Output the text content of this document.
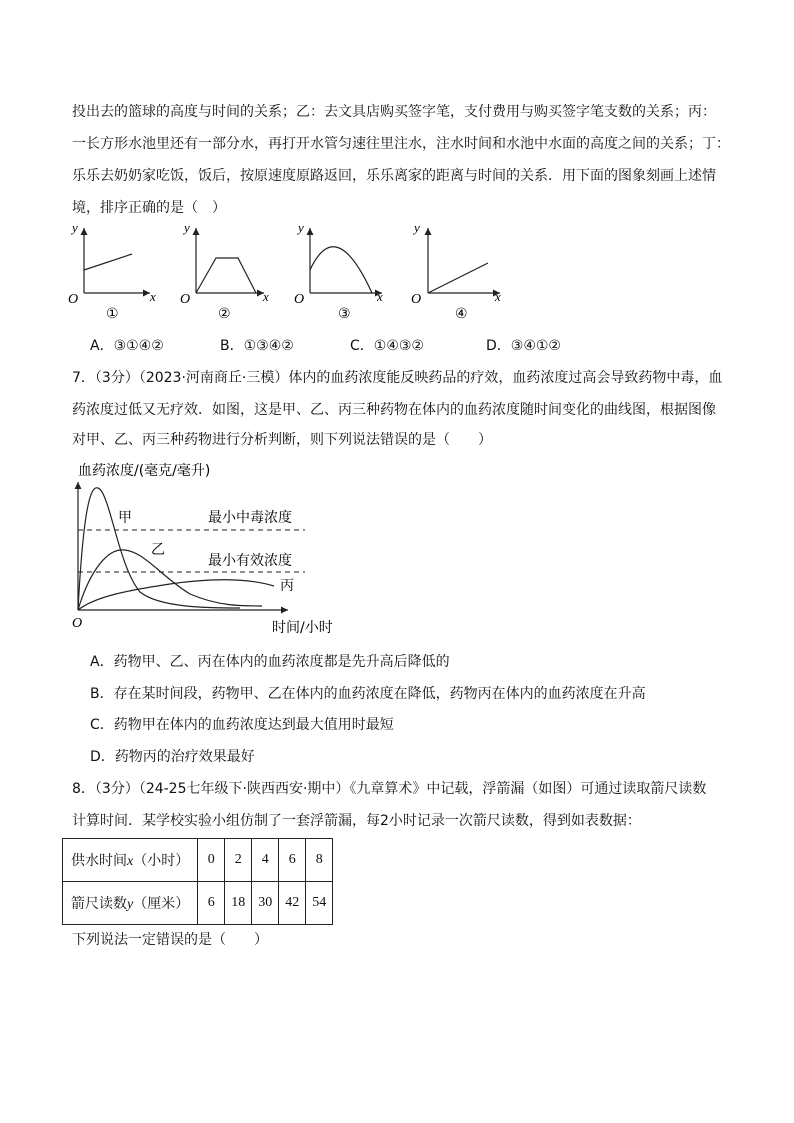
投出去的篮球的高度与时间的关系；乙：去文具店购买签字笔，支付费用与购买签字笔支数的关系；丙：
一长方形水池里还有一部分水，再打开水管匀速往里注水，注水时间和水池中水面的高度之间的关系；丁：
乐乐去奶奶家吃饭，饭后，按原速度原路返回，乐乐离家的距离与时间的关系．用下面的图象刻画上述情
境，排序正确的是（　）
y
O	x
①
y
O	x
②
y
O	x
③
y
O	x
④
A．③①④②	B．①③④②	C．①④③②	D．③④①②
7．（3分）（2023·河南商丘·三模）体内的血药浓度能反映药品的疗效，血药浓度过高会导致药物中毒，血
药浓度过低又无疗效．如图，这是甲、乙、丙三种药物在体内的血药浓度随时间变化的曲线图，根据图像
对甲、乙、丙三种药物进行分析判断，则下列说法错误的是（　　）
血药浓度/(毫克/毫升)
O	时间/小时
最小中毒浓度
最小有效浓度
甲
乙
丙
A．药物甲、乙、丙在体内的血药浓度都是先升高后降低的
B．存在某时间段，药物甲、乙在体内的血药浓度在降低，药物丙在体内的血药浓度在升高
C．药物甲在体内的血药浓度达到最大值用时最短
D．药物丙的治疗效果最好
8．（3分）（24-25七年级下·陕西西安·期中）《九章算术》中记载，浮箭漏（如图）可通过读取箭尺读数
计算时间．某学校实验小组仿制了一套浮箭漏，每2小时记录一次箭尺读数，得到如表数据：
供水时间x（小时）	0	2	4	6	8
箭尺读数y（厘米）	6	18	30	42	54
下列说法一定错误的是（　　）
